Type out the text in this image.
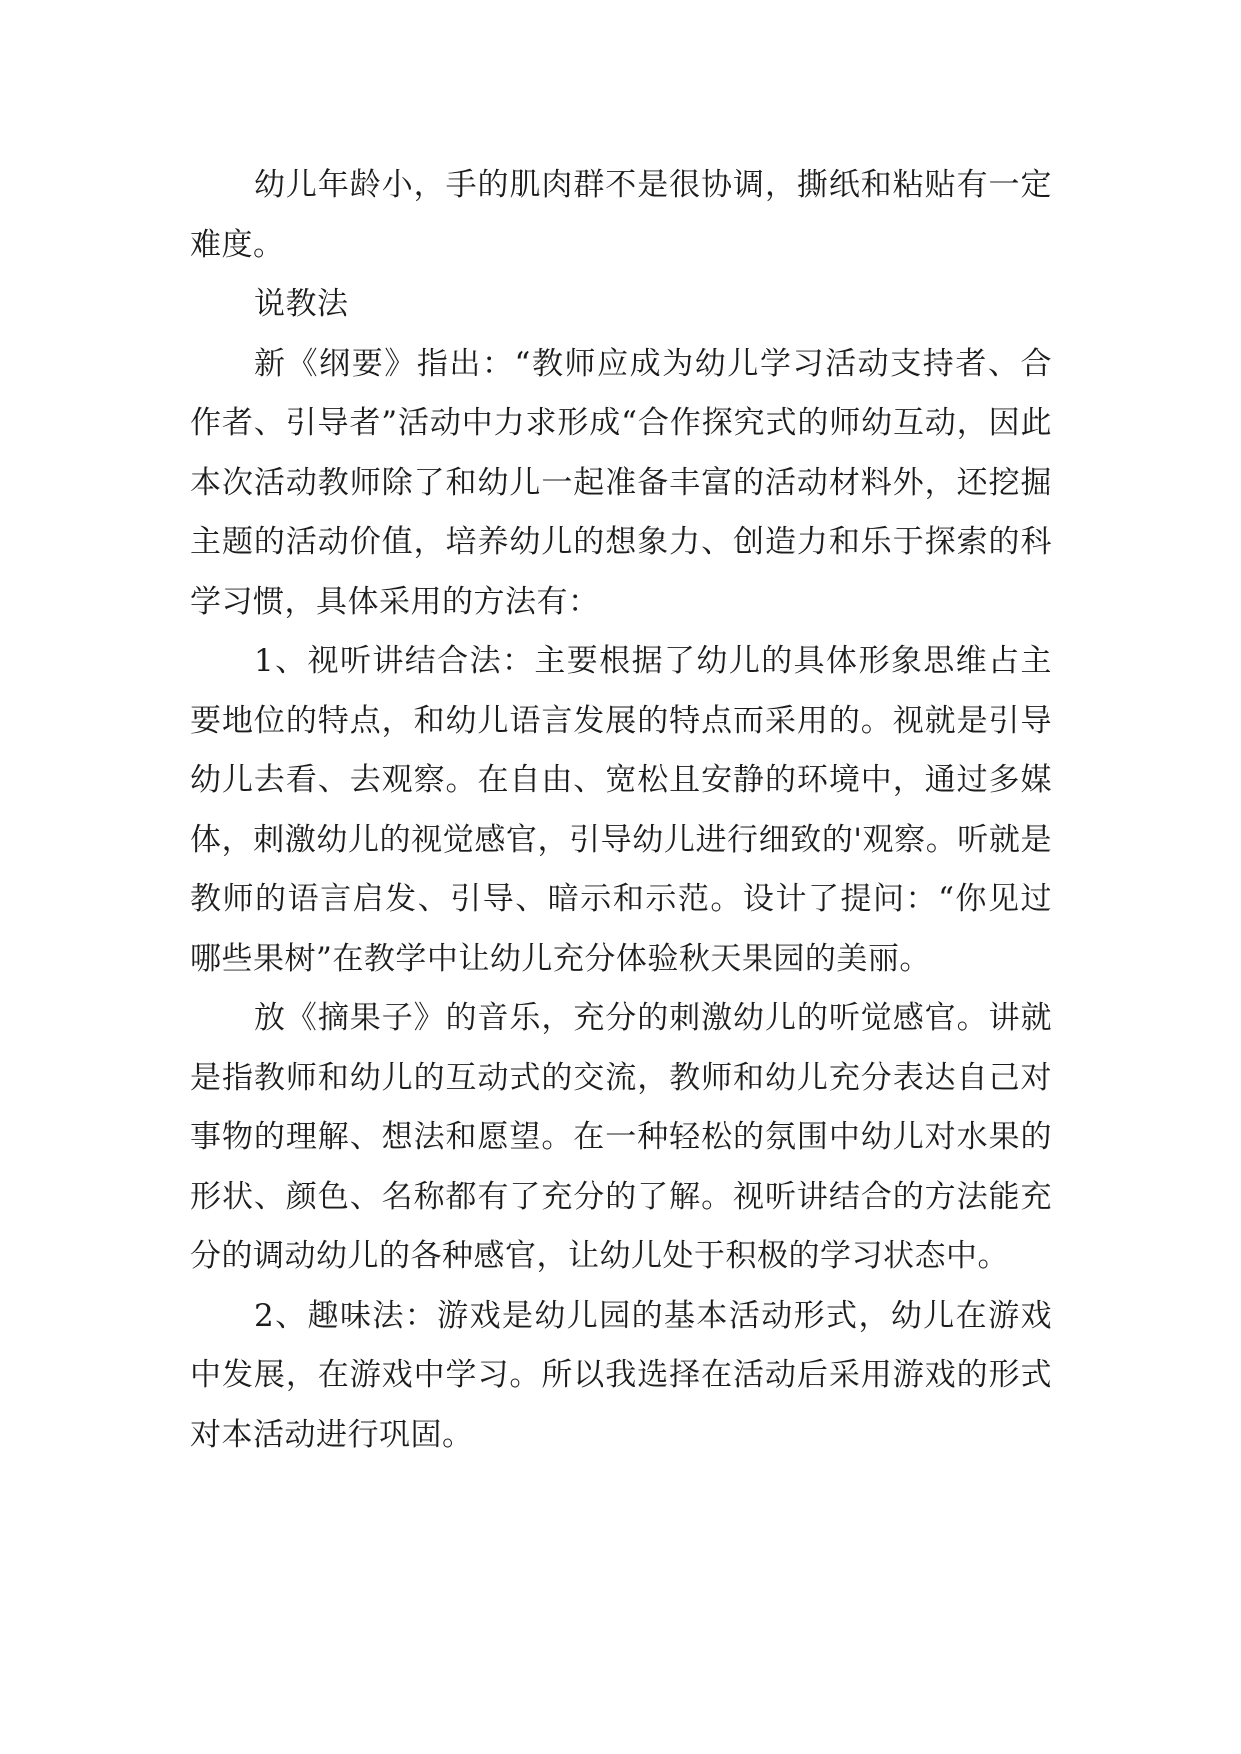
幼儿年龄小，手的肌肉群不是很协调，撕纸和粘贴有一定难度。

说教法

新《纲要》指出：“教师应成为幼儿学习活动支持者、合作者、引导者”活动中力求形成“合作探究式的师幼互动，因此本次活动教师除了和幼儿一起准备丰富的活动材料外，还挖掘主题的活动价值，培养幼儿的想象力、创造力和乐于探索的科学习惯，具体采用的方法有：

1、视听讲结合法：主要根据了幼儿的具体形象思维占主要地位的特点，和幼儿语言发展的特点而采用的。视就是引导幼儿去看、去观察。在自由、宽松且安静的环境中，通过多媒体，刺激幼儿的视觉感官，引导幼儿进行细致的'观察。听就是教师的语言启发、引导、暗示和示范。设计了提问：“你见过哪些果树”在教学中让幼儿充分体验秋天果园的美丽。

放《摘果子》的音乐，充分的刺激幼儿的听觉感官。讲就是指教师和幼儿的互动式的交流，教师和幼儿充分表达自己对事物的理解、想法和愿望。在一种轻松的氛围中幼儿对水果的形状、颜色、名称都有了充分的了解。视听讲结合的方法能充分的调动幼儿的各种感官，让幼儿处于积极的学习状态中。

2、趣味法：游戏是幼儿园的基本活动形式，幼儿在游戏中发展，在游戏中学习。所以我选择在活动后采用游戏的形式对本活动进行巩固。
